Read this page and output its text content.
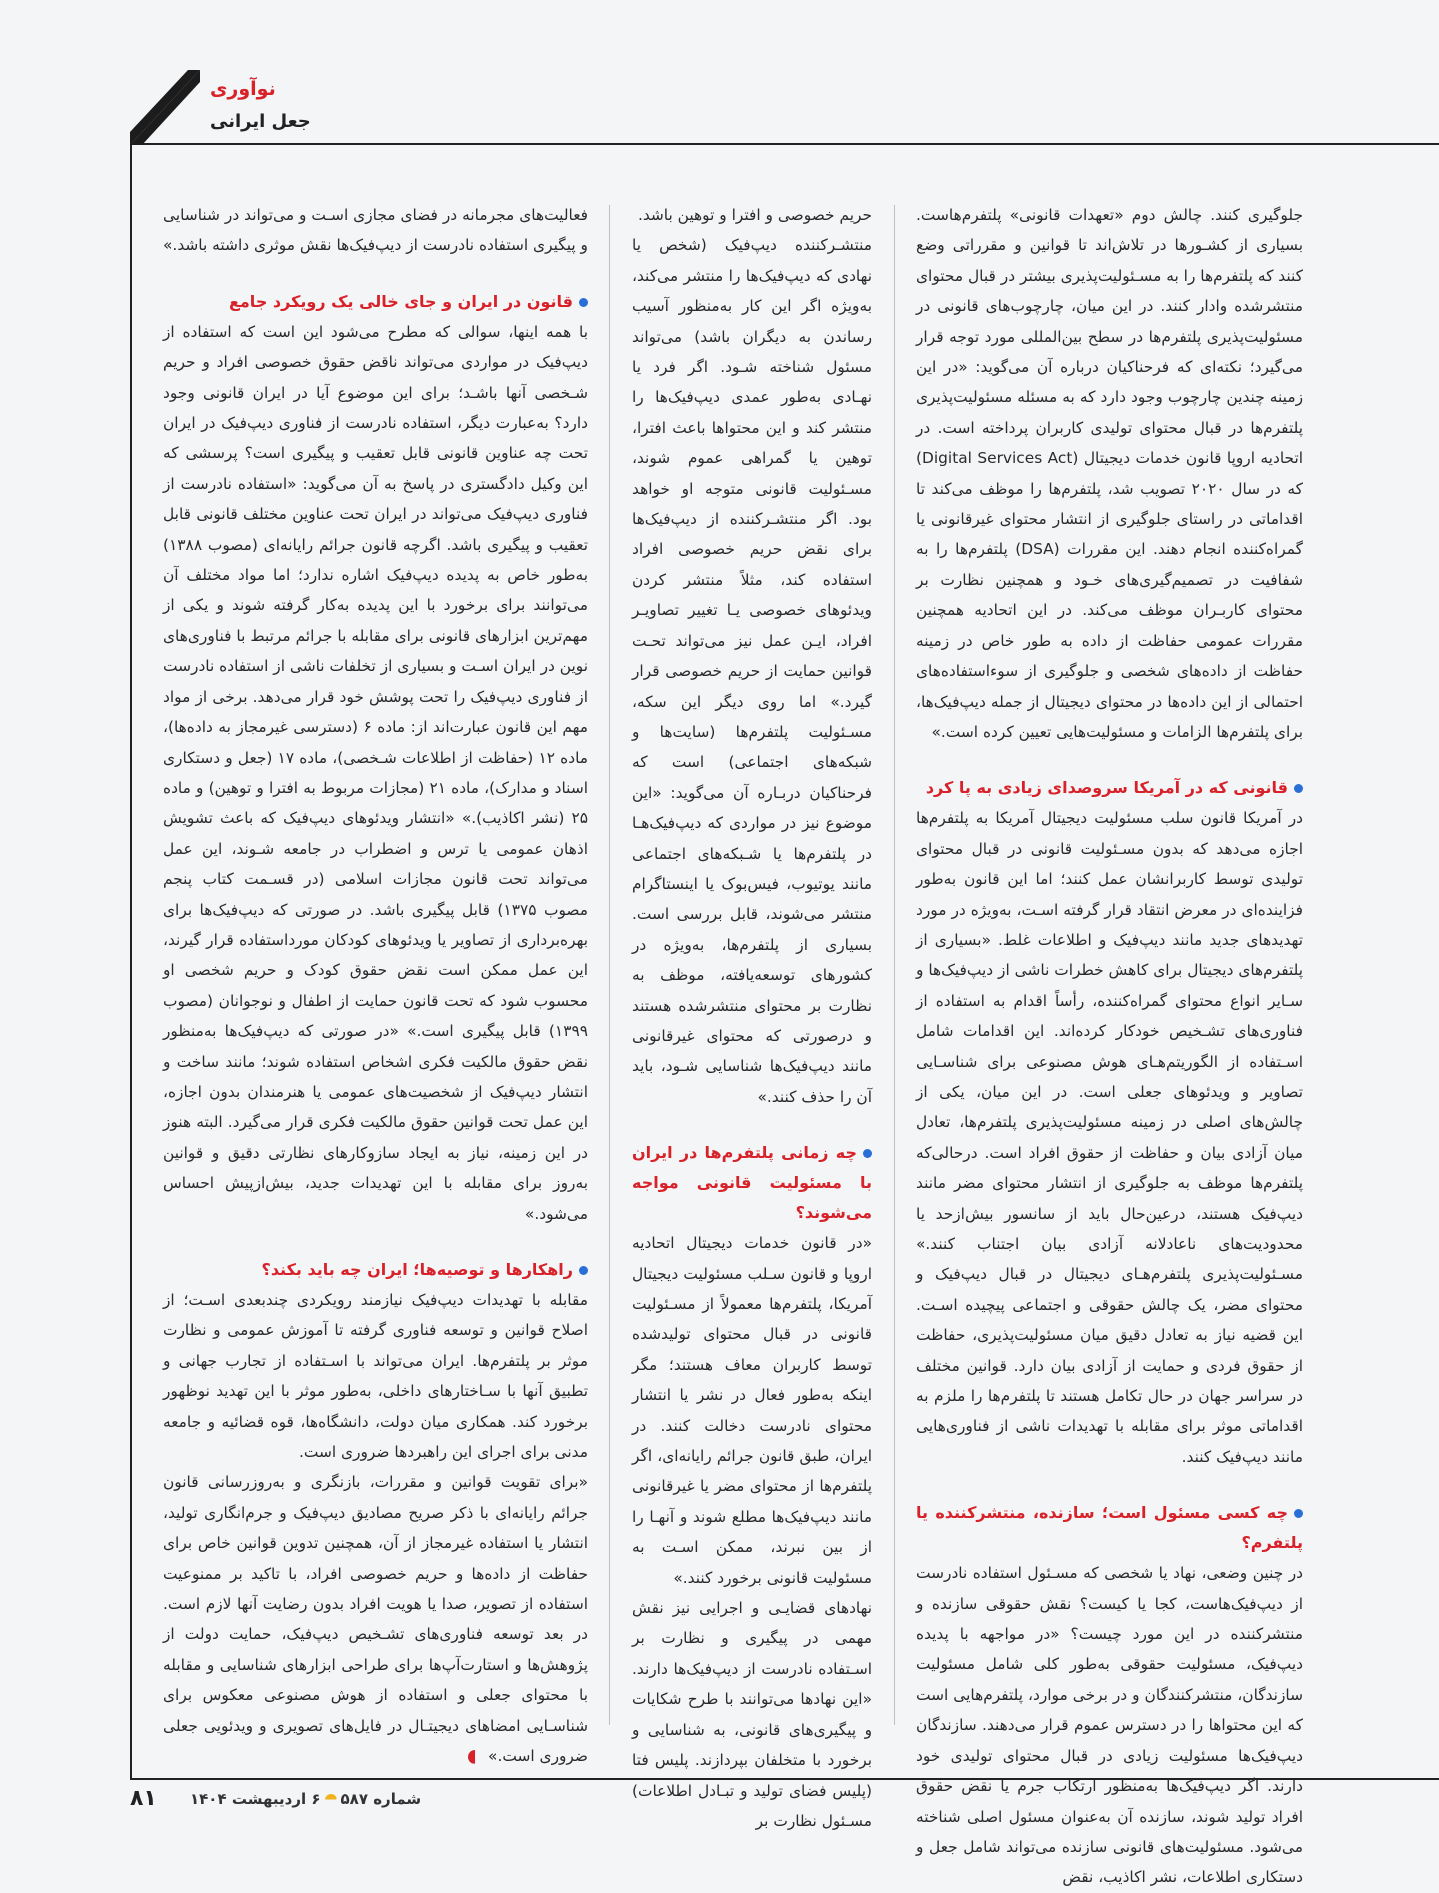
نوآوری
جعل ایرانی

جلوگیری کنند. چالش دوم «تعهدات قانونی» پلتفرم‌هاست. بسیاری از کشـورها در تلاش‌اند تا قوانین و مقرراتی وضع کنند که پلتفرم‌ها را به مسـئولیت‌پذیری بیشتر در قبال محتوای منتشرشده وادار کنند. در این میان، چارچوب‌های قانونی در مسئولیت‌پذیری پلتفرم‌ها در سطح بین‌المللی مورد توجه قرار می‌گیرد؛ نکته‌ای که فرحناکیان درباره آن می‌گوید: «در این زمینه چندین چارچوب وجود دارد که به مسئله مسئولیت‌پذیری پلتفرم‌ها در قبال محتوای تولیدی کاربران پرداخته است. در اتحادیه اروپا قانون خدمات دیجیتال (Digital Services Act) که در سال ۲۰۲۰ تصویب شد، پلتفرم‌ها را موظف می‌کند تا اقداماتی در راستای جلوگیری از انتشار محتوای غیرقانونی یا گمراه‌کننده انجام دهند. این مقررات (DSA) پلتفرم‌ها را به شفافیت در تصمیم‌گیری‌های خـود و همچنین نظارت بر محتوای کاربـران موظف می‌کند. در این اتحادیه همچنین مقررات عمومی حفاظت از داده به طور خاص در زمینه حفاظت از داده‌های شخصی و جلوگیری از سوءاستفاده‌های احتمالی از این داده‌ها در محتوای دیجیتال از جمله دیپ‌فیک‌ها، برای پلتفرم‌ها الزامات و مسئولیت‌هایی تعیین کرده است.»

قانونی که در آمریکا سروصدای زیادی به پا کرد

در آمریکا قانون سلب مسئولیت دیجیتال آمریکا به پلتفرم‌ها اجازه می‌دهد که بدون مسـئولیت قانونی در قبال محتوای تولیدی توسط کاربرانشان عمل کنند؛ اما این قانون به‌طور فزاینده‌ای در معرض انتقاد قرار گرفته اسـت، به‌ویژه در مورد تهدیدهای جدید مانند دیپ‌فیک و اطلاعات غلط. «بسیاری از پلتفرم‌های دیجیتال برای کاهش خطرات ناشی از دیپ‌فیک‌ها و سـایر انواع محتوای گمراه‌کننده، رأساً اقدام به استفاده از فناوری‌های تشـخیص خودکار کرده‌اند. این اقدامات شامل اسـتفاده از الگوریتم‌هـای هوش مصنوعی برای شناسـایی تصاویر و ویدئوهای جعلی است. در این میان، یکی از چالش‌های اصلی در زمینه مسئولیت‌پذیری پلتفرم‌ها، تعادل میان آزادی بیان و حفاظت از حقوق افراد است. درحالی‌که پلتفرم‌ها موظف به جلوگیری از انتشار محتوای مضر مانند دیپ‌فیک هستند، درعین‌حال باید از سانسور بیش‌ازحد یا محدودیت‌های ناعادلانه آزادی بیان اجتناب کنند.» مسـئولیت‌پذیری پلتفرم‌هـای دیجیتال در قبال دیپ‌فیک و محتوای مضر، یک چالش حقوقی و اجتماعی پیچیده اسـت. این قضیه نیاز به تعادل دقیق میان مسئولیت‌پذیری، حفاظت از حقوق فردی و حمایت از آزادی بیان دارد. قوانین مختلف در سراسر جهان در حال تکامل هستند تا پلتفرم‌ها را ملزم به اقداماتی موثر برای مقابله با تهدیدات ناشی از فناوری‌هایی مانند دیپ‌فیک کنند.

چه کسی مسئول است؛ سازنده، منتشرکننده یا پلتفرم؟

در چنین وضعی، نهاد یا شخصی که مسـئول استفاده نادرست از دیپ‌فیک‌هاست، کجا یا کیست؟ نقش حقوقی سازنده و منتشرکننده در این مورد چیست؟ «در مواجهه با پدیده دیپ‌فیک، مسئولیت حقوقی به‌طور کلی شامل مسئولیت سازندگان، منتشرکنندگان و در برخی موارد، پلتفرم‌هایی است که این محتواها را در دسترس عموم قرار می‌دهند. سازندگان دیپ‌فیک‌ها مسئولیت زیادی در قبال محتوای تولیدی خود دارند. اگر دیپ‌فیک‌ها به‌منظور ارتکاب جرم یا نقض حقوق افراد تولید شوند، سازنده آن به‌عنوان مسئول اصلی شناخته می‌شود. مسئولیت‌های قانونی سازنده می‌تواند شامل جعل و دستکاری اطلاعات، نشر اکاذیب، نقض

حریم خصوصی و افترا و توهین باشد.

منتشـرکننده دیپ‌فیک (شخص یا نهادی که دیپ‌فیک‌ها را منتشر می‌کند، به‌ویژه اگر این کار به‌منظور آسیب رساندن به دیگران باشد) می‌تواند مسئول شناخته شـود. اگر فرد یا نهـادی به‌طور عمدی دیپ‌فیک‌ها را منتشر کند و این محتواها باعث افترا، توهین یا گمراهی عموم شوند، مسـئولیت قانونی متوجه او خواهد بود. اگر منتشـرکننده از دیپ‌فیک‌ها برای نقض حریم خصوصی افراد استفاده کند، مثلاً منتشر کردن ویدئوهای خصوصی یـا تغییر تصاویـر افراد، ایـن عمل نیز می‌تواند تحـت قوانین حمایت از حریم خصوصی قرار گیرد.» اما روی دیگر این سکه، مسـئولیت پلتفرم‌ها (سایت‌ها و شبکه‌های اجتماعی) است که فرحناکیان دربـاره آن می‌گوید: «این موضوع نیز در مواردی که دیپ‌فیک‌هـا در پلتفرم‌ها یا شـبکه‌های اجتماعی مانند یوتیوب، فیس‌بوک یا اینستاگرام منتشر می‌شوند، قابل بررسی است. بسیاری از پلتفرم‌ها، به‌ویژه در کشورهای توسعه‌یافته، موظف به نظارت بر محتوای منتشرشده هستند و درصورتی که محتوای غیرقانونی مانند دیپ‌فیک‌ها شناسایی شـود، باید آن را حذف کنند.»

چه زمانی پلتفرم‌ها در ایران با مسئولیت قانونی مواجه می‌شوند؟

«در قانون خدمات دیجیتال اتحادیه اروپا و قانون سـلب مسئولیت دیجیتال آمریکا، پلتفرم‌ها معمولاً از مسـئولیت قانونی در قبال محتوای تولیدشده توسط کاربران معاف هستند؛ مگر اینکه به‌طور فعال در نشر یا انتشار محتوای نادرست دخالت کنند. در ایران، طبق قانون جرائم رایانه‌ای، اگر پلتفرم‌ها از محتوای مضر یا غیرقانونی مانند دیپ‌فیک‌ها مطلع شوند و آنهـا را از بین نبرند، ممکن اسـت به مسئولیت قانونی برخورد کنند.»

نهادهای قضایـی و اجرایی نیز نقش مهمی در پیگیری و نظارت بر اسـتفاده نادرست از دیپ‌فیک‌ها دارند. «این نهادها می‌توانند با طرح شکایات و پیگیری‌های قانونی، به شناسایی و برخورد با متخلفان بپردازند. پلیس فتا (پلیس فضای تولید و تبـادل اطلاعات) مسـئول نظارت بر

فعالیت‌های مجرمانه در فضای مجازی اسـت و می‌تواند در شناسایی و پیگیری استفاده نادرست از دیپ‌فیک‌ها نقش موثری داشته باشد.»

قانون در ایران و جای خالی یک رویکرد جامع

با همه اینها، سوالی که مطرح می‌شود این است که استفاده از دیپ‌فیک در مواردی می‌تواند ناقض حقوق خصوصی افراد و حریم شـخصی آنها باشـد؛ برای این موضوع آیا در ایران قانونی وجود دارد؟ به‌عبارت دیگر، استفاده نادرست از فناوری دیپ‌فیک در ایران تحت چه عناوین قانونی قابل تعقیب و پیگیری است؟ پرسشی که این وکیل دادگستری در پاسخ به آن می‌گوید: «استفاده نادرست از فناوری دیپ‌فیک می‌تواند در ایران تحت عناوین مختلف قانونی قابل تعقیب و پیگیری باشد. اگرچه قانون جرائم رایانه‌ای (مصوب ۱۳۸۸) به‌طور خاص به پدیده دیپ‌فیک اشاره ندارد؛ اما مواد مختلف آن می‌توانند برای برخورد با این پدیده به‌کار گرفته شوند و یکی از مهم‌ترین ابزارهای قانونی برای مقابله با جرائم مرتبط با فناوری‌های نوین در ایران اسـت و بسیاری از تخلفات ناشی از استفاده نادرست از فناوری دیپ‌فیک را تحت پوشش خود قرار می‌دهد. برخی از مواد مهم این قانون عبارت‌اند از: ماده ۶ (دسترسی غیرمجاز به داده‌ها)، ماده ۱۲ (حفاظت از اطلاعات شـخصی)، ماده ۱۷ (جعل و دستکاری اسناد و مدارک)، ماده ۲۱ (مجازات مربوط به افترا و توهین) و ماده ۲۵ (نشر اکاذیب).» «انتشار ویدئوهای دیپ‌فیک که باعث تشویش اذهان عمومی یا ترس و اضطراب در جامعه شـوند، این عمل می‌تواند تحت قانون مجازات اسلامی (در قسـمت کتاب پنجم مصوب ۱۳۷۵) قابل پیگیری باشد. در صورتی که دیپ‌فیک‌ها برای بهره‌برداری از تصاویر یا ویدئوهای کودکان مورداستفاده قرار گیرند، این عمل ممکن است نقض حقوق کودک و حریم شخصی او محسوب شود که تحت قانون حمایت از اطفال و نوجوانان (مصوب ۱۳۹۹) قابل پیگیری است.» «در صورتی که دیپ‌فیک‌ها به‌منظور نقض حقوق مالکیت فکری اشخاص استفاده شوند؛ مانند ساخت و انتشار دیپ‌فیک از شخصیت‌های عمومی یا هنرمندان بدون اجازه، این عمل تحت قوانین حقوق مالکیت فکری قرار می‌گیرد. البته هنوز در این زمینه، نیاز به ایجاد سازوکارهای نظارتی دقیق و قوانین به‌روز برای مقابله با این تهدیدات جدید، بیش‌ازپیش احساس می‌شود.»

راهکارها و توصیه‌ها؛ ایران چه باید بکند؟

مقابله با تهدیدات دیپ‌فیک نیازمند رویکردی چندبعدی اسـت؛ از اصلاح قوانین و توسعه فناوری گرفته تا آموزش عمومی و نظارت موثر بر پلتفرم‌ها. ایران می‌تواند با اسـتفاده از تجارب جهانی و تطبیق آنها با سـاختارهای داخلی، به‌طور موثر با این تهدید نوظهور برخورد کند. همکاری میان دولت، دانشگاه‌ها، قوه قضائیه و جامعه مدنی برای اجرای این راهبردها ضروری است.

«برای تقویت قوانین و مقررات، بازنگری و به‌روزرسانی قانون جرائم رایانه‌ای با ذکر صریح مصادیق دیپ‌فیک و جرم‌انگاری تولید، انتشار یا استفاده غیرمجاز از آن، همچنین تدوین قوانین خاص برای حفاظت از داده‌ها و حریم خصوصی افراد، با تاکید بر ممنوعیت استفاده از تصویر، صدا یا هویت افراد بدون رضایت آنها لازم است. در بعد توسعه فناوری‌های تشـخیص دیپ‌فیک، حمایت دولت از پژوهش‌ها و استارت‌آپ‌ها برای طراحی ابزارهای شناسایی و مقابله با محتوای جعلی و استفاده از هوش مصنوعی معکوس برای شناسـایی امضاهای دیجیتـال در فایل‌های تصویری و ویدئویی جعلی ضروری است.»

۸۱	شماره ۵۸۷۶ اردیبهشت ۱۴۰۴
